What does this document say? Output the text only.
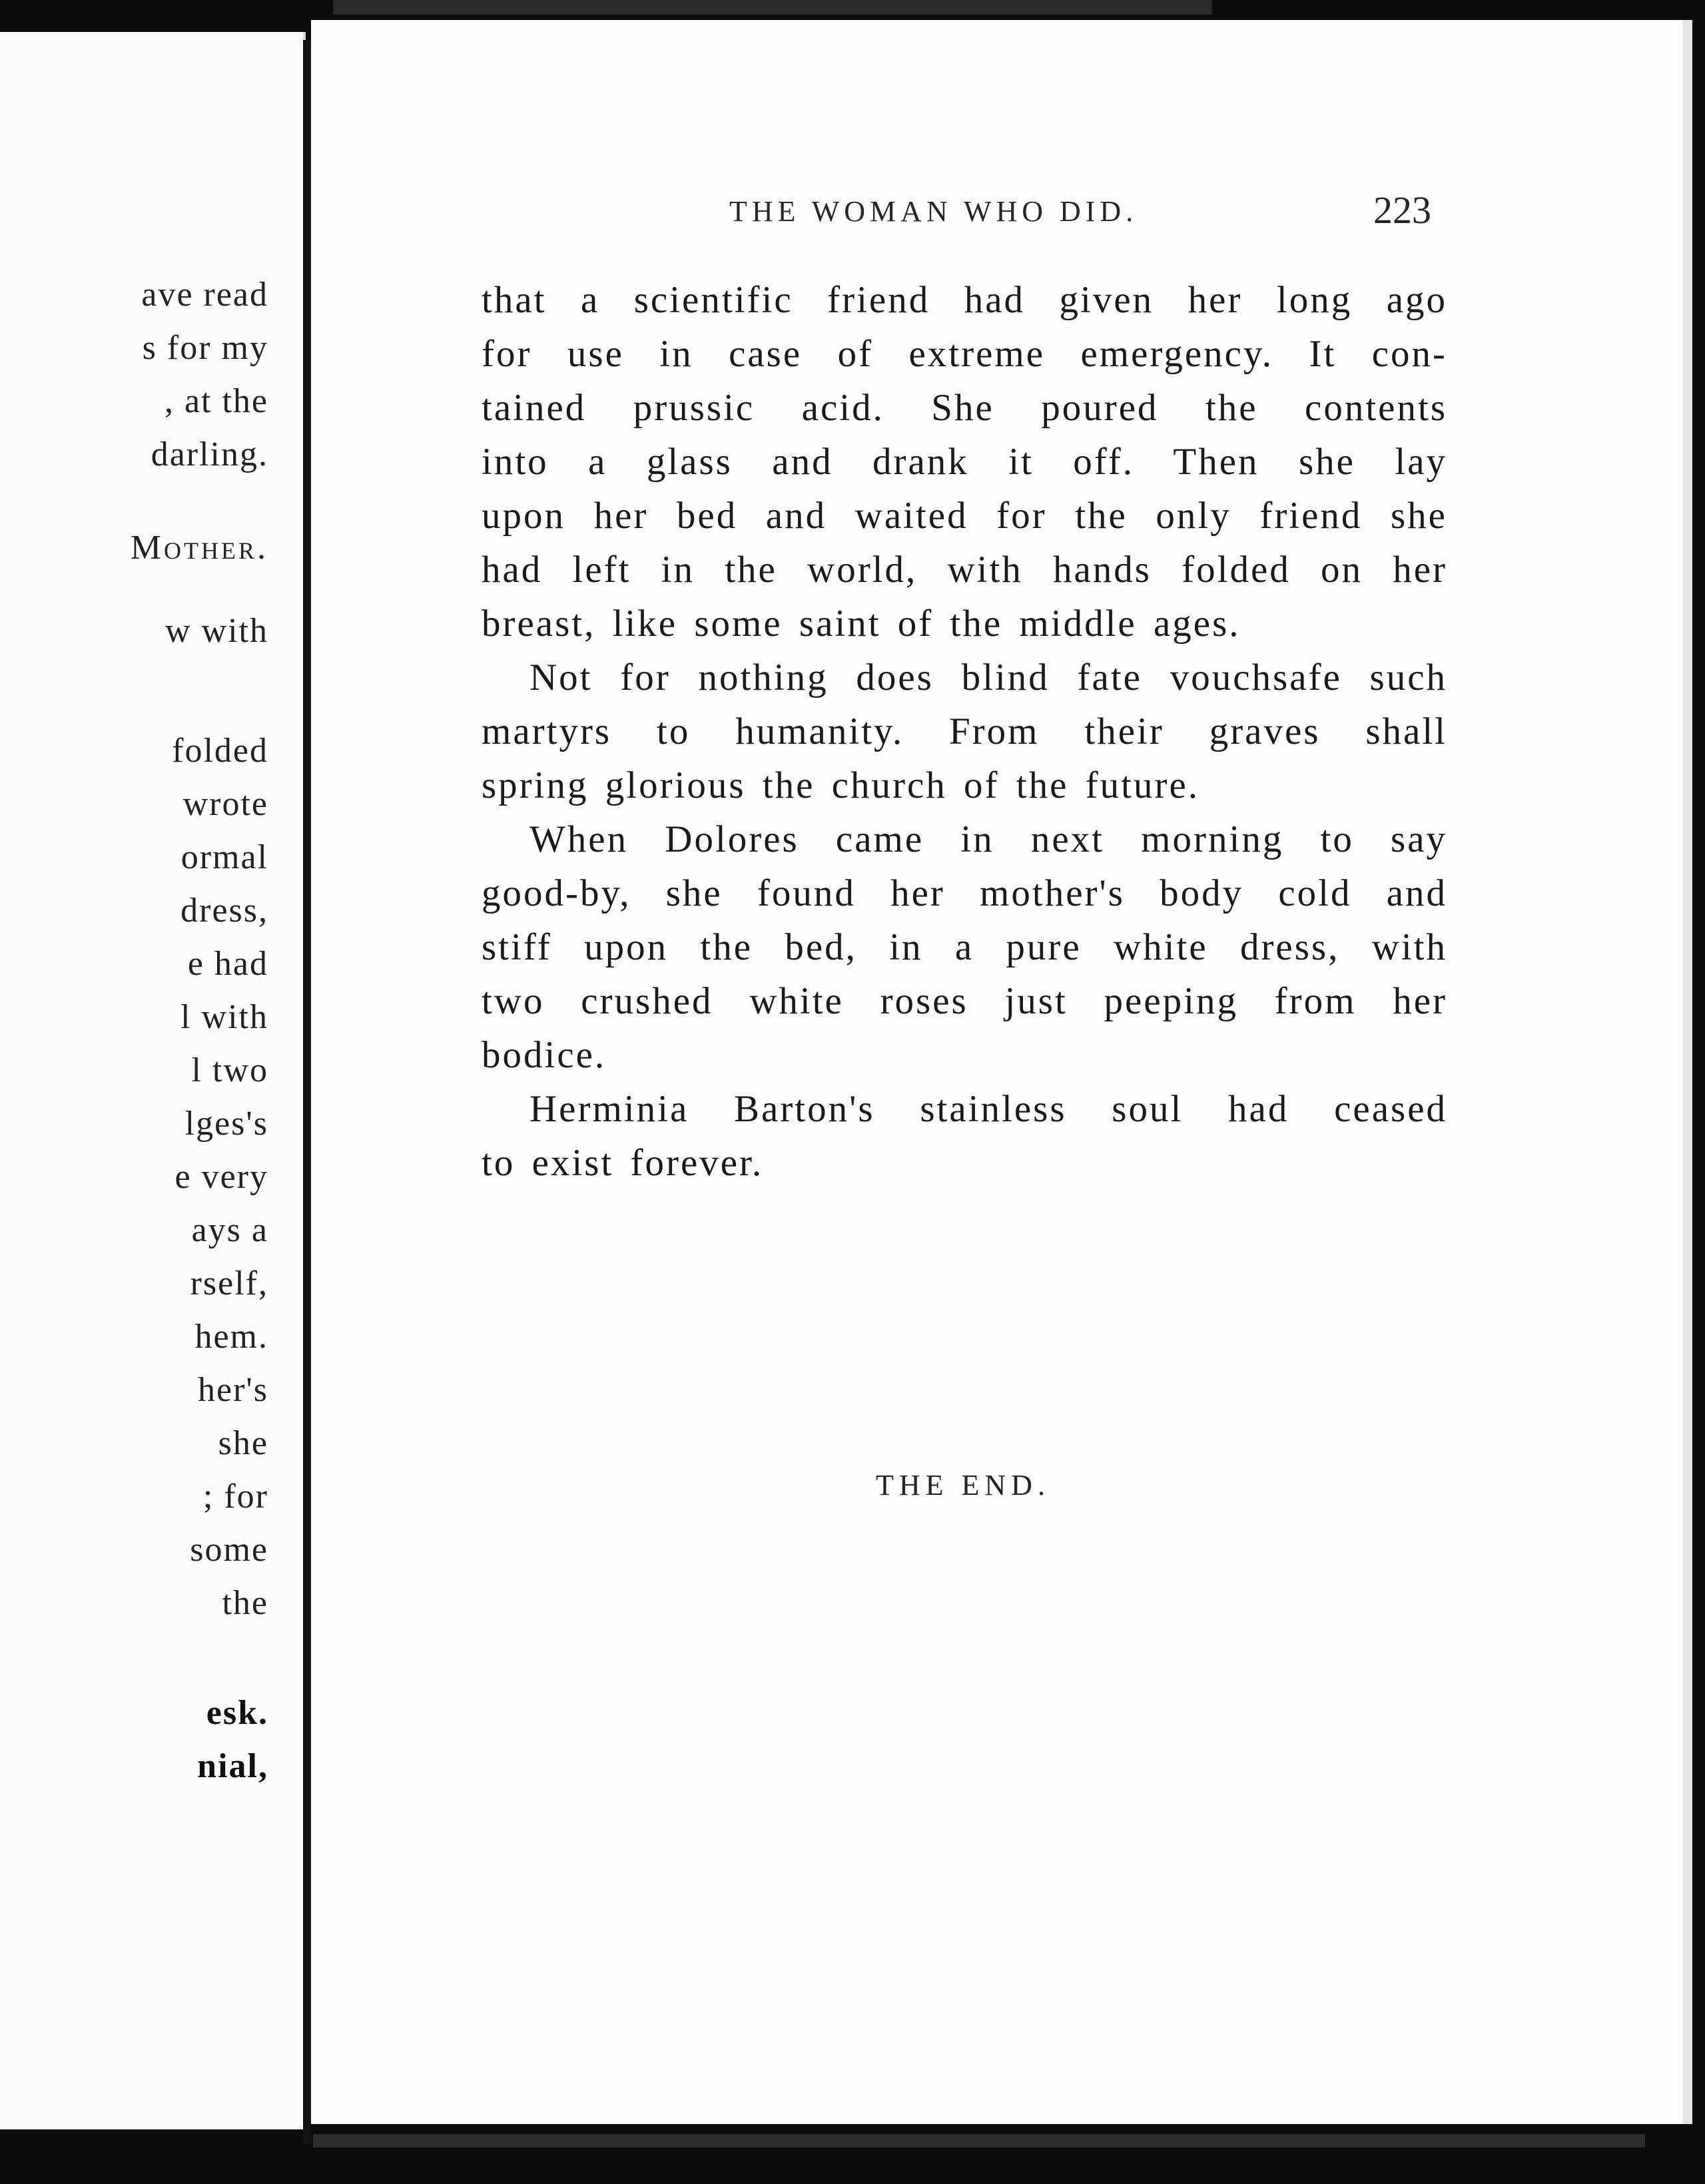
ave read
s for my
, at the
darling.
Mother.
w with
folded
wrote
ormal
dress,
e had
l with
l two
lges's
e very
ays a
rself,
hem.
her's
she
; for
some
the
esk.
nial,
THE WOMAN WHO DID.	223
that a scientific friend had given her long ago
for use in case of extreme emergency. It con-
tained prussic acid. She poured the contents
into a glass and drank it off. Then she lay
upon her bed and waited for the only friend she
had left in the world, with hands folded on her
breast, like some saint of the middle ages.
Not for nothing does blind fate vouchsafe such
martyrs to humanity. From their graves shall
spring glorious the church of the future.
When Dolores came in next morning to say
good-by, she found her mother's body cold and
stiff upon the bed, in a pure white dress, with
two crushed white roses just peeping from her
bodice.
Herminia Barton's stainless soul had ceased
to exist forever.
THE END.
